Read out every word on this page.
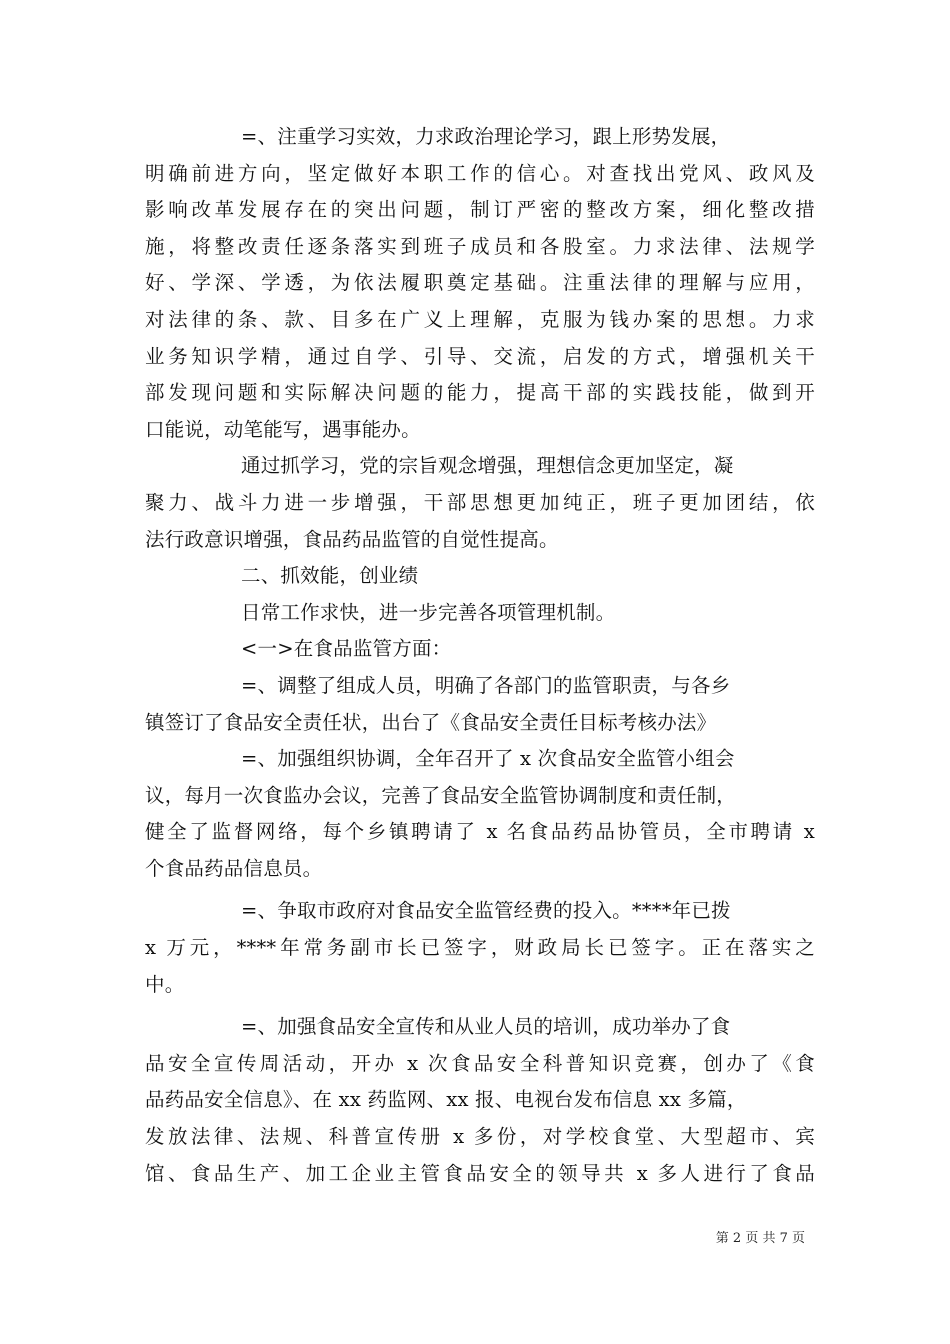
=、注重学习实效，力求政治理论学习，跟上形势发展，
明确前进方向，坚定做好本职工作的信心。对查找出党风、政风及
影响改革发展存在的突出问题，制订严密的整改方案，细化整改措
施，将整改责任逐条落实到班子成员和各股室。力求法律、法规学
好、学深、学透，为依法履职奠定基础。注重法律的理解与应用，
对法律的条、款、目多在广义上理解，克服为钱办案的思想。力求
业务知识学精，通过自学、引导、交流，启发的方式，增强机关干
部发现问题和实际解决问题的能力，提高干部的实践技能，做到开
口能说，动笔能写，遇事能办。
通过抓学习，党的宗旨观念增强，理想信念更加坚定，凝
聚力、战斗力进一步增强，干部思想更加纯正，班子更加团结，依
法行政意识增强，食品药品监管的自觉性提高。
二、抓效能，创业绩
日常工作求快，进一步完善各项管理机制。
<一>在食品监管方面：
=、调整了组成人员，明确了各部门的监管职责，与各乡
镇签订了食品安全责任状，出台了《食品安全责任目标考核办法》
=、加强组织协调，全年召开了 x 次食品安全监管小组会
议，每月一次食监办会议，完善了食品安全监管协调制度和责任制，
健全了监督网络，每个乡镇聘请了 x 名食品药品协管员，全市聘请 x
个食品药品信息员。
=、争取市政府对食品安全监管经费的投入。****年已拨
x 万元，****年常务副市长已签字，财政局长已签字。正在落实之
中。
=、加强食品安全宣传和从业人员的培训，成功举办了食
品安全宣传周活动，开办 x 次食品安全科普知识竞赛，创办了《食
品药品安全信息》、在 xx 药监网、xx 报、电视台发布信息 xx 多篇，
发放法律、法规、科普宣传册 x 多份，对学校食堂、大型超市、宾
馆、食品生产、加工企业主管食品安全的领导共 x 多人进行了食品
第 2 页 共 7 页
